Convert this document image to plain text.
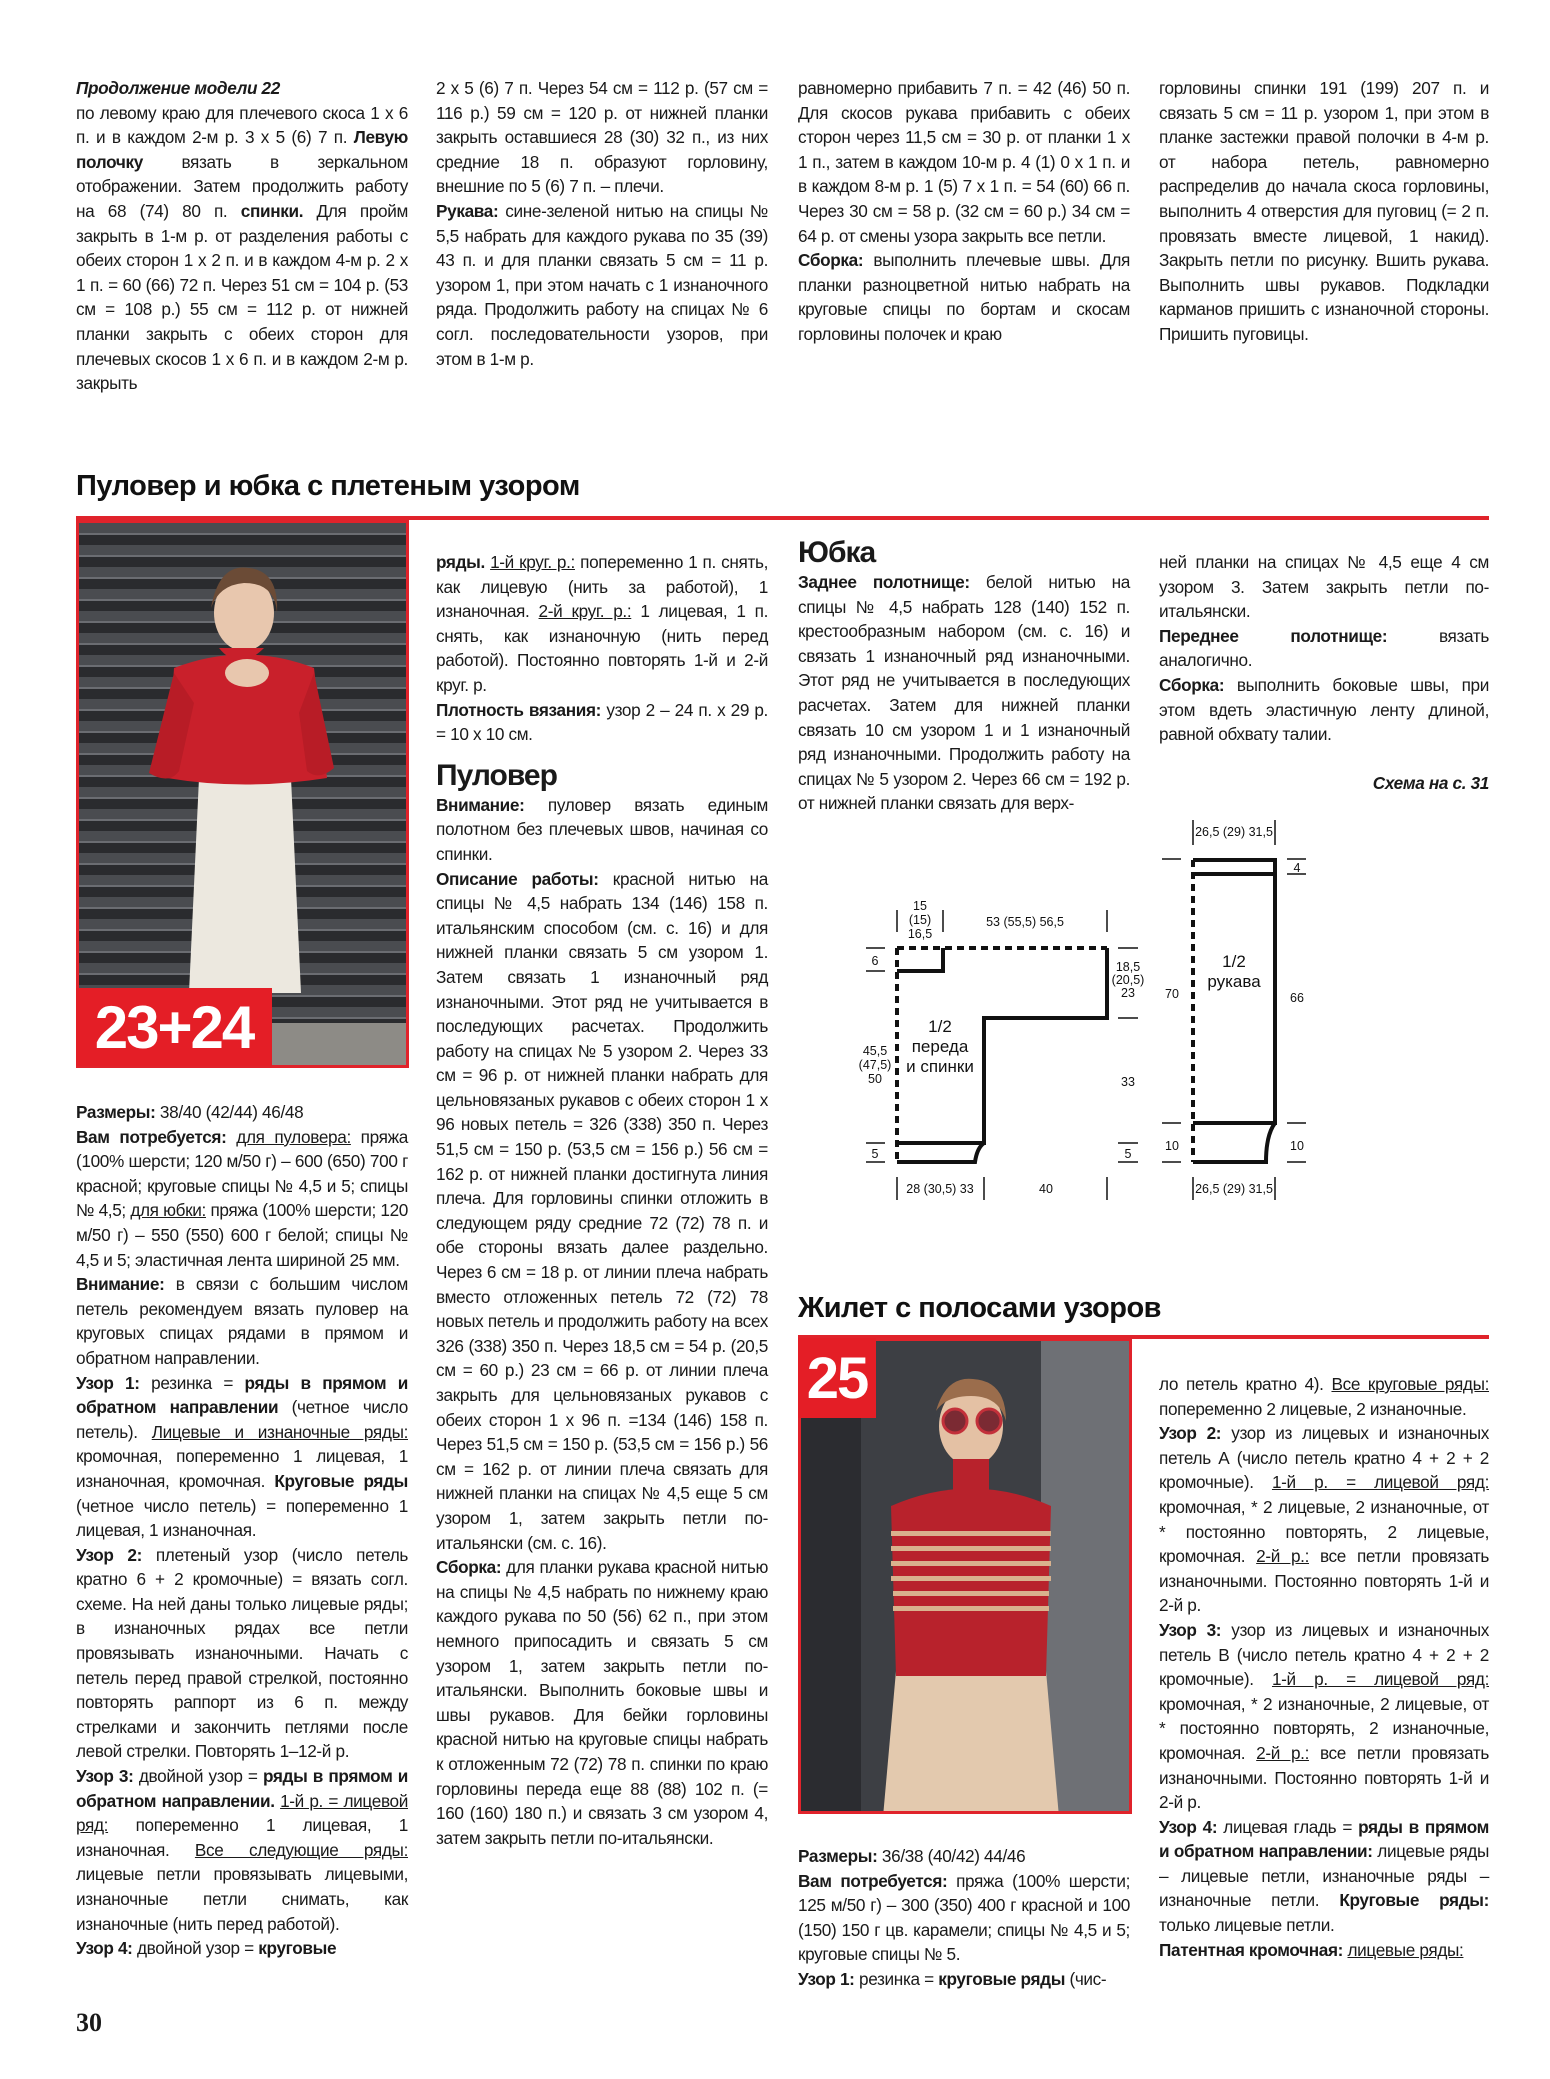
Продолжение модели 22

по левому краю для плечевого скоса 1 x 6 п. и в каждом 2-м р. 3 x 5 (6) 7 п. Левую полочку вязать в зеркальном отображении. Затем продолжить работу на 68 (74) 80 п. спинки. Для пройм закрыть в 1-м р. от разделения работы с обеих сторон 1 x 2 п. и в каждом 4-м р. 2 x 1 п. = 60 (66) 72 п. Через 51 см = 104 р. (53 см = 108 р.) 55 см = 112 р. от нижней планки закрыть с обеих сторон для плечевых скосов 1 x 6 п. и в каждом 2-м р. закрыть

2 x 5 (6) 7 п. Через 54 см = 112 р. (57 см = 116 р.) 59 см = 120 р. от нижней планки закрыть оставшиеся 28 (30) 32 п., из них средние 18 п. образуют горловину, внешние по 5 (6) 7 п. – плечи.

Рукава: сине-зеленой нитью на спицы № 5,5 набрать для каждого рукава по 35 (39) 43 п. и для планки связать 5 см = 11 р. узором 1, при этом начать с 1 изнаночного ряда. Продолжить работу на спицах № 6 согл. последовательности узоров, при этом в 1-м р.

равномерно прибавить 7 п. = 42 (46) 50 п. Для скосов рукава прибавить с обеих сторон через 11,5 см = 30 р. от планки 1 x 1 п., затем в каждом 10-м р. 4 (1) 0 x 1 п. и в каждом 8-м р. 1 (5) 7 x 1 п. = 54 (60) 66 п. Через 30 см = 58 р. (32 см = 60 р.) 34 см = 64 р. от смены узора закрыть все петли.

Сборка: выполнить плечевые швы. Для планки разноцветной нитью набрать на круговые спицы по бортам и скосам горловины полочек и краю

горловины спинки 191 (199) 207 п. и связать 5 см = 11 р. узором 1, при этом в планке застежки правой полочки в 4-м р. от набора петель, равномерно распределив до начала скоса горловины, выполнить 4 отверстия для пуговиц (= 2 п. провязать вместе лицевой, 1 накид). Закрыть петли по рисунку. Вшить рукава. Выполнить швы рукавов. Подкладки карманов пришить с изнаночной стороны. Пришить пуговицы.

Пуловер и юбка с плетеным узором
23+24

Размеры: 38/40 (42/44) 46/48

Вам потребуется: для пуловера: пряжа (100% шерсти; 120 м/50 г) – 600 (650) 700 г красной; круговые спицы № 4,5 и 5; спицы № 4,5; для юбки: пряжа (100% шерсти; 120 м/50 г) – 550 (550) 600 г белой; спицы № 4,5 и 5; эластичная лента шириной 25 мм.

Внимание: в связи с большим числом петель рекомендуем вязать пуловер на круговых спицах рядами в прямом и обратном направлении.

Узор 1: резинка = ряды в прямом и обратном направлении (четное число петель). Лицевые и изнаночные ряды: кромочная, попеременно 1 лицевая, 1 изнаночная, кромочная. Круговые ряды (четное число петель) = попеременно 1 лицевая, 1 изнаночная.

Узор 2: плетеный узор (число петель кратно 6 + 2 кромочные) = вязать согл. схеме. На ней даны только лицевые ряды; в изнаночных рядах все петли провязывать изнаночными. Начать с петель перед правой стрелкой, постоянно повторять раппорт из 6 п. между стрелками и закончить петлями после левой стрелки. Повторять 1–12-й р.

Узор 3: двойной узор = ряды в прямом и обратном направлении. 1-й р. = лицевой ряд: попеременно 1 лицевая, 1 изнаночная. Все следующие ряды: лицевые петли провязывать лицевыми, изнаночные петли снимать, как изнаночные (нить перед работой).

Узор 4: двойной узор = круговые

ряды. 1-й круг. р.: попеременно 1 п. снять, как лицевую (нить за работой), 1 изнаночная. 2-й круг. р.: 1 лицевая, 1 п. снять, как изнаночную (нить перед работой). Постоянно повторять 1-й и 2-й круг. р.

Плотность вязания: узор 2 – 24 п. x 29 р. = 10 x 10 см.

Пуловер

Внимание: пуловер вязать единым полотном без плечевых швов, начиная со спинки.

Описание работы: красной нитью на спицы № 4,5 набрать 134 (146) 158 п. итальянским способом (см. с. 16) и для нижней планки связать 5 см узором 1. Затем связать 1 изнаночный ряд изнаночными. Этот ряд не учитывается в последующих расчетах. Продолжить работу на спицах № 5 узором 2. Через 33 см = 96 р. от нижней планки набрать для цельновязаных рукавов с обеих сторон 1 x 96 новых петель = 326 (338) 350 п. Через 51,5 см = 150 р. (53,5 см = 156 р.) 56 см = 162 р. от нижней планки достигнута линия плеча. Для горловины спинки отложить в следующем ряду средние 72 (72) 78 п. и обе стороны вязать далее раздельно. Через 6 см = 18 р. от линии плеча набрать вместо отложенных петель 72 (72) 78 новых петель и продолжить работу на всех 326 (338) 350 п. Через 18,5 см = 54 р. (20,5 см = 60 р.) 23 см = 66 р. от линии плеча закрыть для цельновязаных рукавов с обеих сторон 1 x 96 п. =134 (146) 158 п. Через 51,5 см = 150 р. (53,5 см = 156 р.) 56 см = 162 р. от линии плеча связать для нижней планки на спицах № 4,5 еще 5 см узором 1, затем закрыть петли по-итальянски (см. с. 16).

Сборка: для планки рукава красной нитью на спицы № 4,5 набрать по нижнему краю каждого рукава по 50 (56) 62 п., при этом немного припосадить и связать 5 см узором 1, затем закрыть петли по-итальянски. Выполнить боковые швы и швы рукавов. Для бейки горловины красной нитью на круговые спицы набрать к отложенным 72 (72) 78 п. спинки по краю горловины переда еще 88 (88) 102 п. (= 160 (160) 180 п.) и связать 3 см узором 4, затем закрыть петли по-итальянски.

Юбка

Заднее полотнище: белой нитью на спицы № 4,5 набрать 128 (140) 152 п. крестообразным набором (см. с. 16) и связать 1 изнаночный ряд изнаночными. Этот ряд не учитывается в последующих расчетах. Затем для нижней планки связать 10 см узором 1 и 1 изнаночный ряд изнаночными. Продолжить работу на спицах № 5 узором 2. Через 66 см = 192 р. от нижней планки связать для верх-

ней планки на спицах № 4,5 еще 4 см узором 3. Затем закрыть петли по-итальянски.

Переднее полотнище: вязать аналогично.

Сборка: выполнить боковые швы, при этом вдеть эластичную ленту длиной, равной обхвату талии.

Схема на с. 31

15
(15)
16,5
53 (55,5) 56,5
6	18,5
(20,5)
23
45,5
(47,5)
50	33
5	5
28 (30,5) 33	40
26,5 (29) 31,5
4
70	66
10	10
26,5 (29) 31,5
1/2
переда
и спинки
1/2
рукава
Жилет с полосами узоров
25

Размеры: 36/38 (40/42) 44/46

Вам потребуется: пряжа (100% шерсти; 125 м/50 г) – 300 (350) 400 г красной и 100 (150) 150 г цв. карамели; спицы № 4,5 и 5; круговые спицы № 5.

Узор 1: резинка = круговые ряды (чис-

ло петель кратно 4). Все круговые ряды: попеременно 2 лицевые, 2 изнаночные.

Узор 2: узор из лицевых и изнаночных петель А (число петель кратно 4 + 2 + 2 кромочные). 1-й р. = лицевой ряд: кромочная, * 2 лицевые, 2 изнаночные, от * постоянно повторять, 2 лицевые, кромочная. 2-й р.: все петли провязать изнаночными. Постоянно повторять 1-й и 2-й р.

Узор 3: узор из лицевых и изнаночных петель В (число петель кратно 4 + 2 + 2 кромочные). 1-й р. = лицевой ряд: кромочная, * 2 изнаночные, 2 лицевые, от * постоянно повторять, 2 изнаночные, кромочная. 2-й р.: все петли провязать изнаночными. Постоянно повторять 1-й и 2-й р.

Узор 4: лицевая гладь = ряды в прямом и обратном направлении: лицевые ряды – лицевые петли, изнаночные ряды – изнаночные петли. Круговые ряды: только лицевые петли.

Патентная кромочная: лицевые ряды:

30
